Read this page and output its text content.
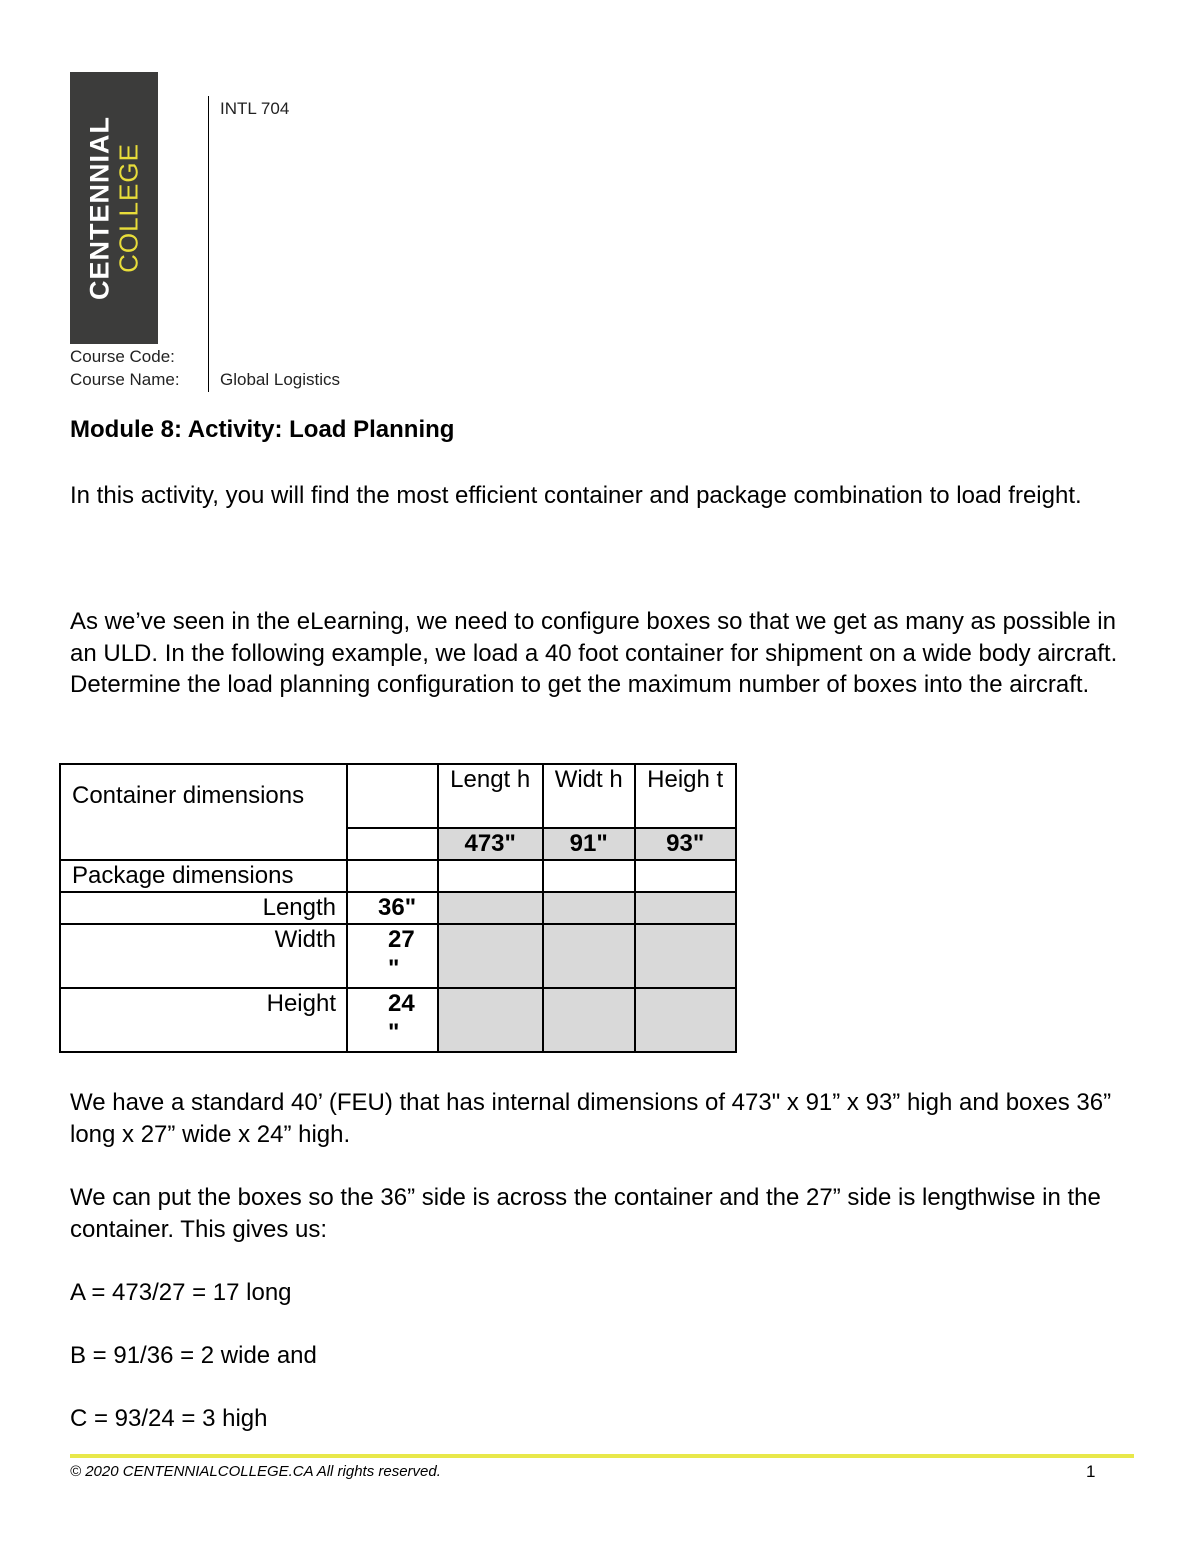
CENTENNIAL COLLEGE
INTL 704
Course Code:
Course Name: Global Logistics
Module 8: Activity: Load Planning

In this activity, you will find the most efficient container and package combination to load freight.

As we’ve seen in the eLearning, we need to configure boxes so that we get as many as possible in an ULD. In the following example, we load a 40 foot container for shipment on a wide body aircraft. Determine the load planning configuration to get the maximum number of boxes into the aircraft.

Container dimensions		Lengt h	Widt h	Heigh t
		473"	91"	93"
Package dimensions				
Length	36"			
Width	27 "			
Height	24 "			

We have a standard 40’ (FEU) that has internal dimensions of 473" x 91” x 93” high and boxes 36” long x 27” wide x 24” high.

We can put the boxes so the 36” side is across the container and the 27” side is lengthwise in the container. This gives us:

A = 473/27 = 17 long

B = 91/36 = 2 wide and

C = 93/24 = 3 high

© 2020 CENTENNIALCOLLEGE.CA All rights reserved.	1
